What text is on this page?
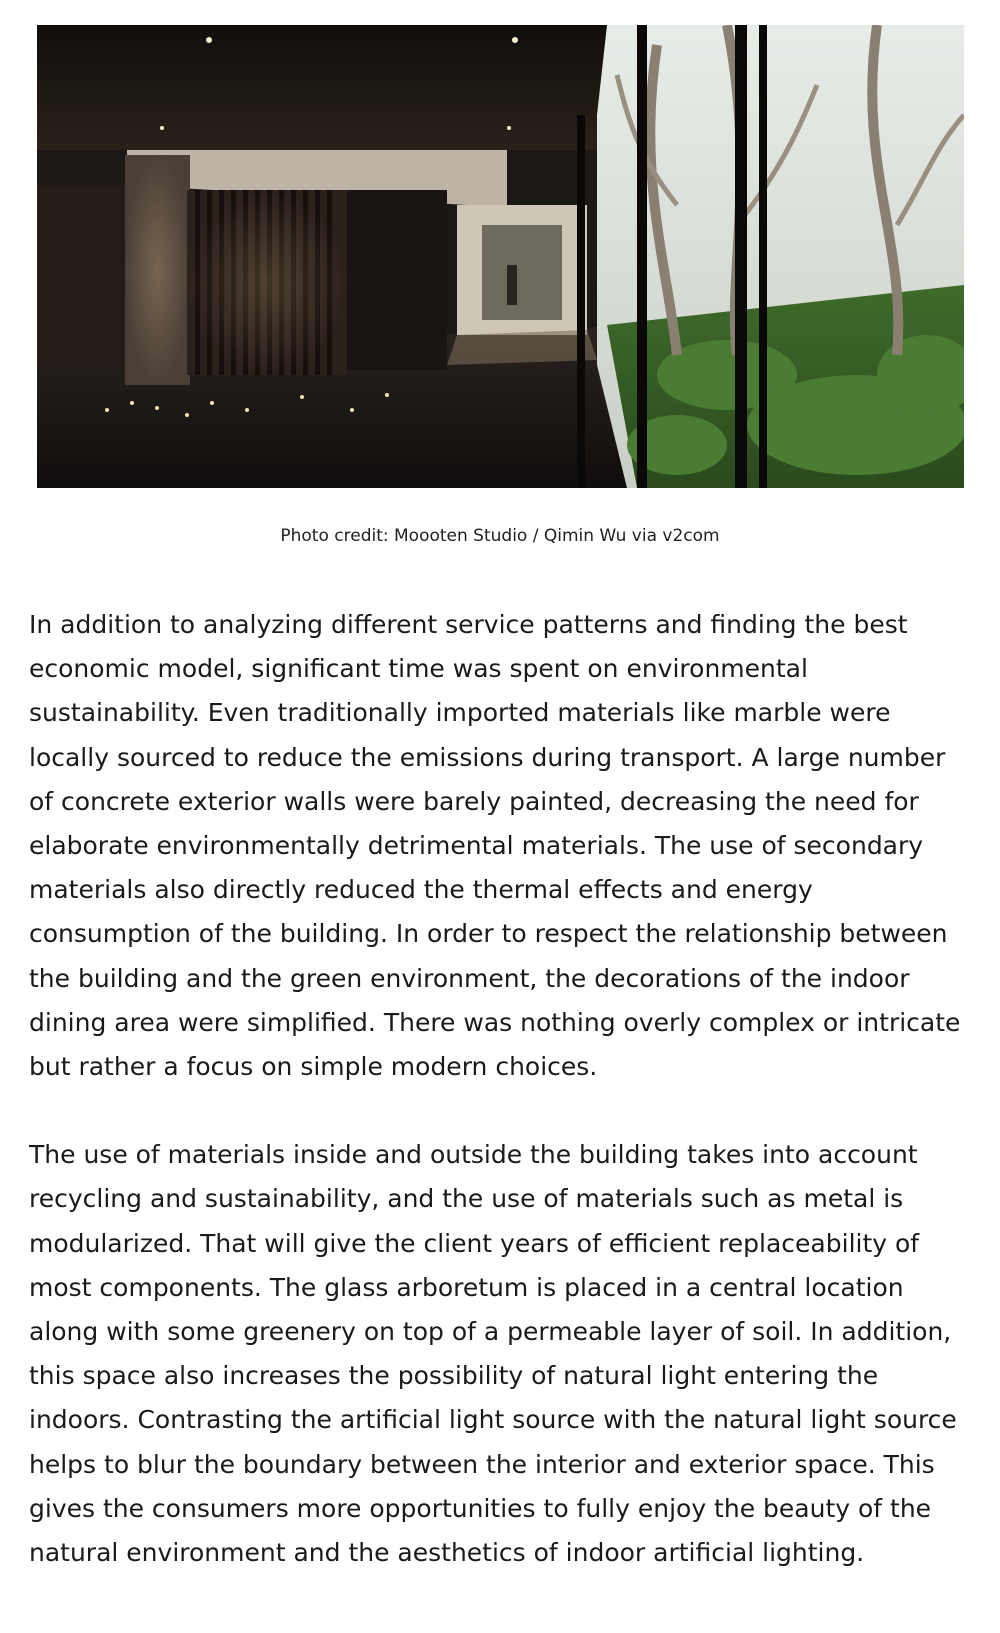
Photo credit: Moooten Studio / Qimin Wu via v2com

In addition to analyzing different service patterns and finding the best economic model, significant time was spent on environmental sustainability. Even traditionally imported materials like marble were locally sourced to reduce the emissions during transport. A large number of concrete exterior walls were barely painted, decreasing the need for elaborate environmentally detrimental materials. The use of secondary materials also directly reduced the thermal effects and energy consumption of the building. In order to respect the relationship between the building and the green environment, the decorations of the indoor dining area were simplified. There was nothing overly complex or intricate but rather a focus on simple modern choices.

The use of materials inside and outside the building takes into account recycling and sustainability, and the use of materials such as metal is modularized. That will give the client years of efficient replaceability of most components. The glass arboretum is placed in a central location along with some greenery on top of a permeable layer of soil. In addition, this space also increases the possibility of natural light entering the indoors. Contrasting the artificial light source with the natural light source helps to blur the boundary between the interior and exterior space. This gives the consumers more opportunities to fully enjoy the beauty of the natural environment and the aesthetics of indoor artificial lighting.
